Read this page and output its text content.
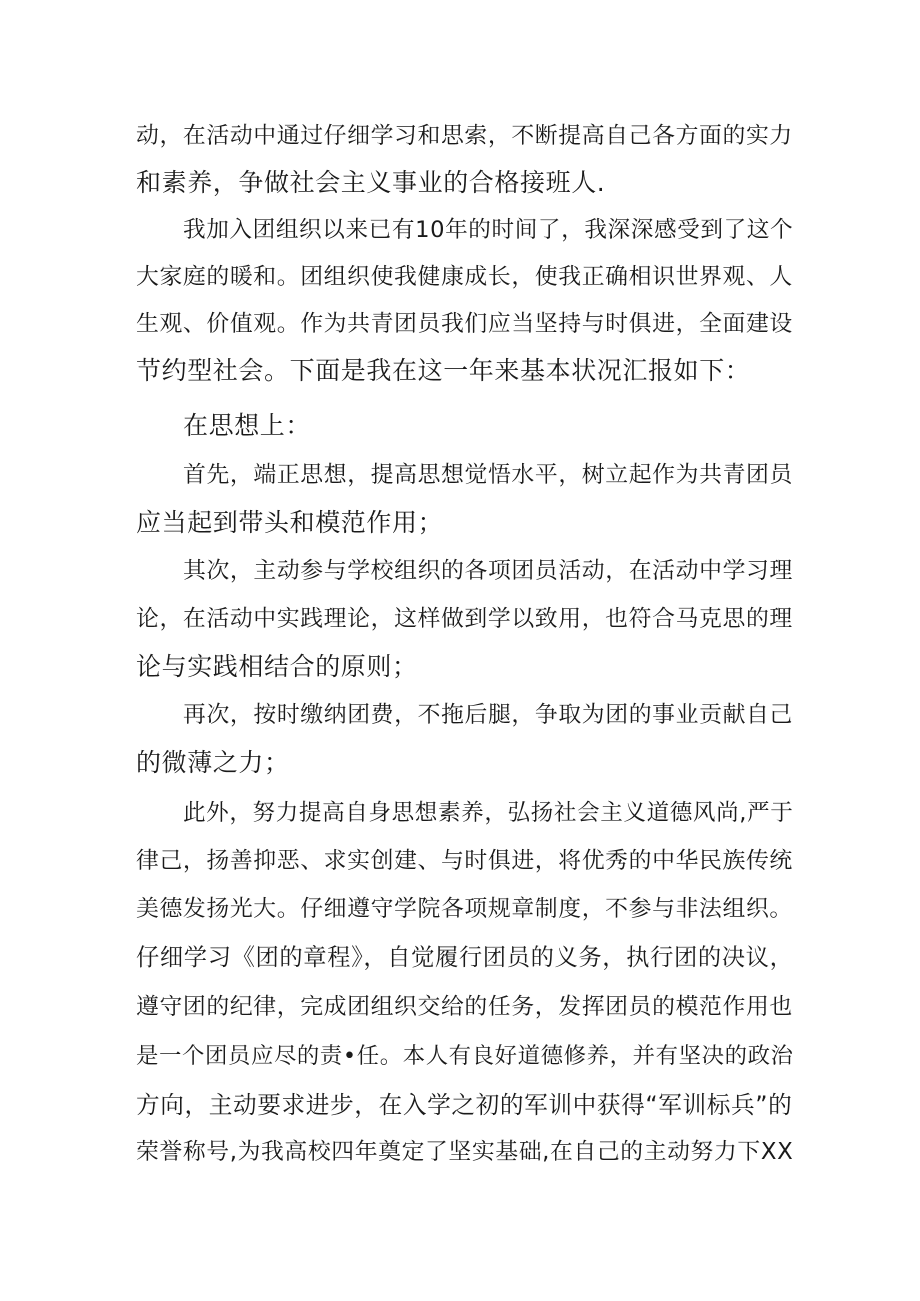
动，在活动中通过仔细学习和思索，不断提高自己各方面的实力
和素养，争做社会主义事业的合格接班人.
我加入团组织以来已有10年的时间了，我深深感受到了这个
大家庭的暖和。团组织使我健康成长，使我正确相识世界观、人
生观、价值观。作为共青团员我们应当坚持与时俱进，全面建设
节约型社会。下面是我在这一年来基本状况汇报如下：
在思想上：
首先，端正思想，提高思想觉悟水平，树立起作为共青团员
应当起到带头和模范作用；
其次，主动参与学校组织的各项团员活动，在活动中学习理
论，在活动中实践理论，这样做到学以致用，也符合马克思的理
论与实践相结合的原则；
再次，按时缴纳团费，不拖后腿，争取为团的事业贡献自己
的微薄之力；
此外，努力提高自身思想素养，弘扬社会主义道德风尚,严于
律己，扬善抑恶、求实创建、与时俱进，将优秀的中华民族传统
美德发扬光大。仔细遵守学院各项规章制度，不参与非法组织。
仔细学习《团的章程》，自觉履行团员的义务，执行团的决议，
遵守团的纪律，完成团组织交给的任务，发挥团员的模范作用也
是一个团员应尽的责•任。本人有良好道德修养，并有坚决的政治
方向，主动要求进步，在入学之初的军训中获得“军训标兵”的
荣誉称号,为我高校四年奠定了坚实基础,在自己的主动努力下XX
